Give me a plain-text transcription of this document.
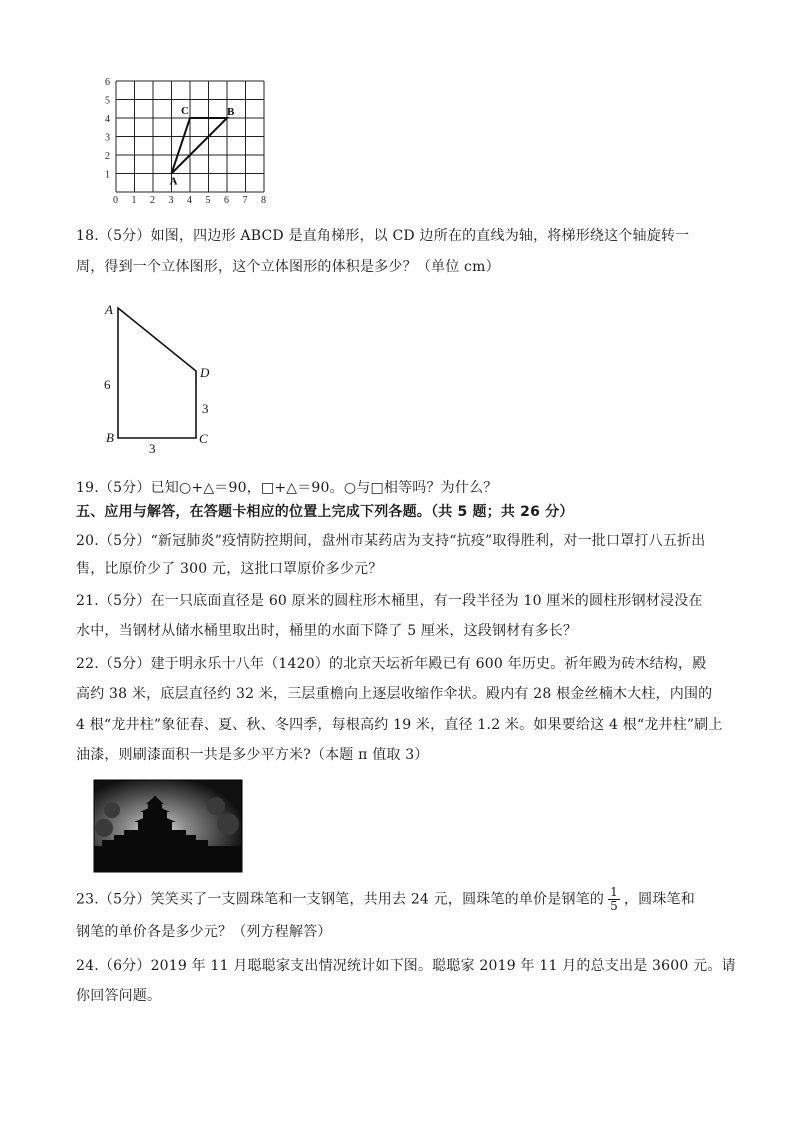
0 1 2 3 4 5 6 7 8
1
2
3
4
5
6
A
B
C
18.（5分）如图，四边形 ABCD 是直角梯形，以 CD 边所在的直线为轴，将梯形绕这个轴旋转一
周，得到一个立体图形，这个立体图形的体积是多少？（单位 cm）
A
B	C
D
6
3
3
19.（5分）已知○+△＝90，□+△＝90。○与□相等吗？为什么？
五、应用与解答，在答题卡相应的位置上完成下列各题。（共 5 题；共 26 分）
20.（5分）“新冠肺炎”疫情防控期间，盘州市某药店为支持“抗疫”取得胜利，对一批口罩打八五折出
售，比原价少了 300 元，这批口罩原价多少元？
21.（5分）在一只底面直径是 60 原米的圆柱形木桶里，有一段半径为 10 厘米的圆柱形钢材浸没在
水中，当钢材从储水桶里取出时，桶里的水面下降了 5 厘米，这段钢材有多长？
22.（5分）建于明永乐十八年（1420）的北京天坛祈年殿已有 600 年历史。祈年殿为砖木结构，殿
高约 38 米，底层直径约 32 米，三层重檐向上逐层收缩作伞状。殿内有 28 根金丝楠木大柱，内围的
4 根“龙井柱”象征春、夏、秋、冬四季，每根高约 19 米，直径 1.2 米。如果要给这 4 根“龙井柱”刷上
油漆，则刷漆面积一共是多少平方米?（本题 π 值取 3）
23.（5分）笑笑买了一支圆珠笔和一支钢笔，共用去 24 元，圆珠笔的单价是钢笔的 $\frac{1}{5}$ ，圆珠笔和
钢笔的单价各是多少元？（列方程解答）
24.（6分）2019 年 11 月聪聪家支出情况统计如下图。聪聪家 2019 年 11 月的总支出是 3600 元。请
你回答问题。
